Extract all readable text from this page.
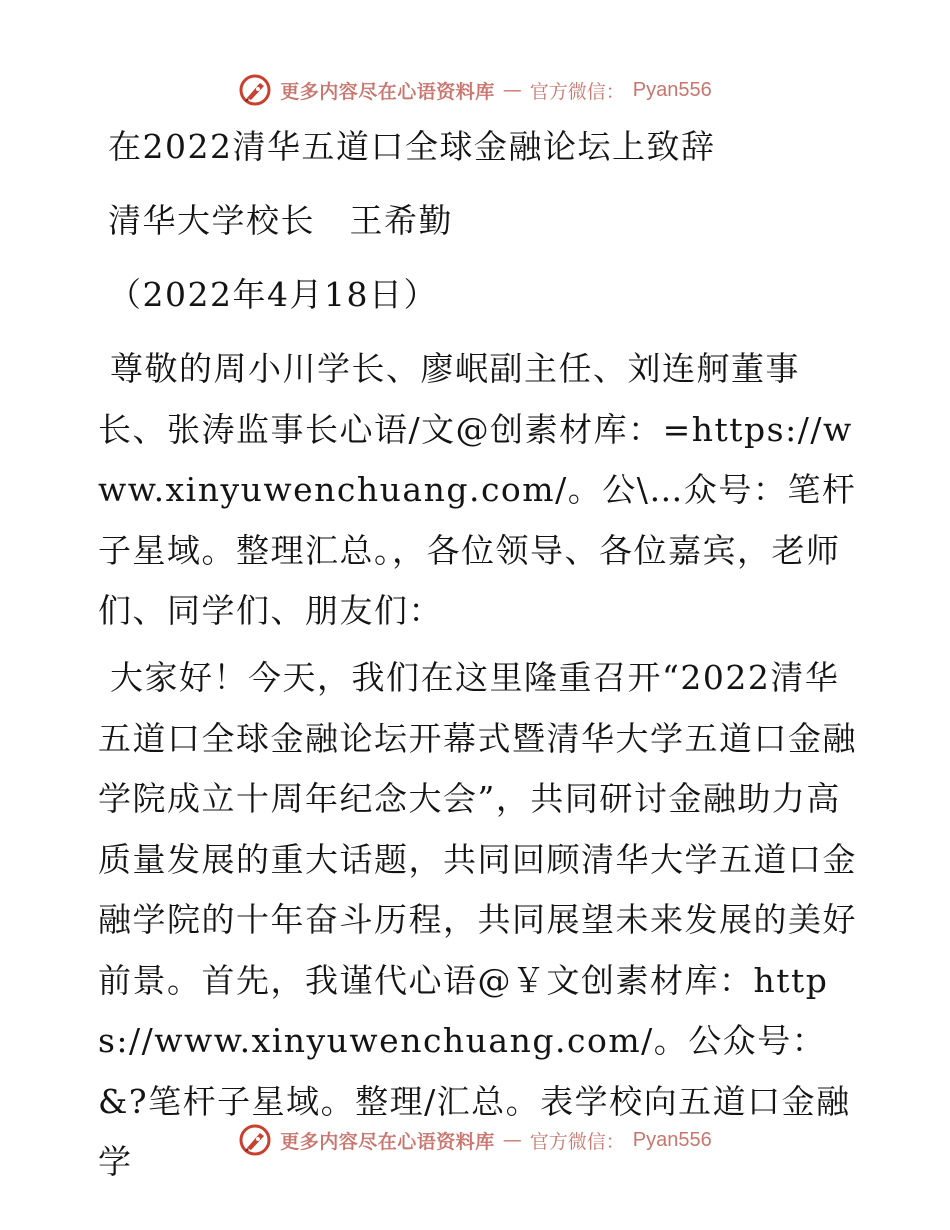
更多内容尽在心语资料库 — 官方微信： Pyan556
在2022清华五道口全球金融论坛上致辞
清华大学校长　王希勤
（2022年4月18日）
尊敬的周小川学长、廖岷副主任、刘连舸董事长、张涛监事长心语/文@创素材库：=https://www.xinyuwenchuang.com/。公\…众号：笔杆子星域。整理汇总。，各位领导、各位嘉宾，老师们、同学们、朋友们：
大家好！今天，我们在这里隆重召开“2022清华五道口全球金融论坛开幕式暨清华大学五道口金融学院成立十周年纪念大会”，共同研讨金融助力高质量发展的重大话题，共同回顾清华大学五道口金融学院的十年奋斗历程，共同展望未来发展的美好前景。首先，我谨代心语@￥文创素材库：https://www.xinyuwenchuang.com/。公众号：&?笔杆子星域。整理/汇总。表学校向五道口金融学
更多内容尽在心语资料库 — 官方微信： Pyan556
